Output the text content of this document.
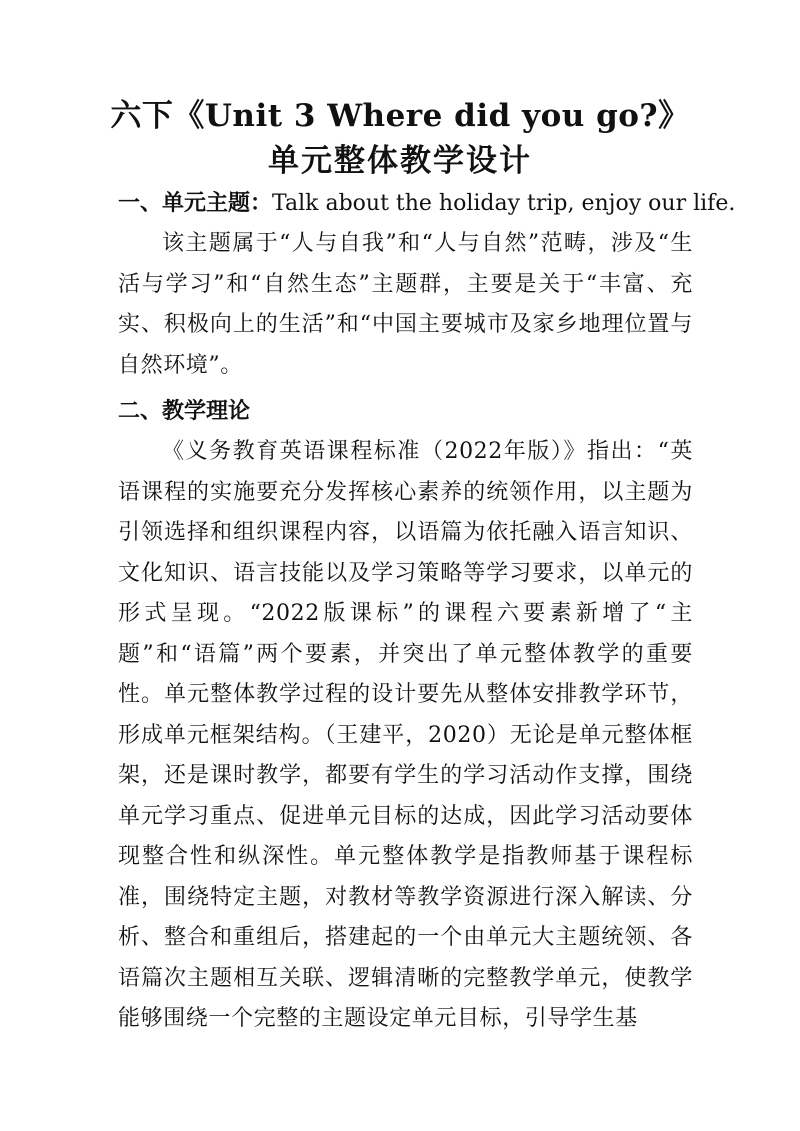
六下《Unit 3 Where did you go?》
单元整体教学设计
一、单元主题：Talk about the holiday trip, enjoy our life.
该主题属于“人与自我”和“人与自然”范畴，涉及“生活与学习”和“自然生态”主题群，主要是关于“丰富、充实、积极向上的生活”和“中国主要城市及家乡地理位置与自然环境”。
二、教学理论
《义务教育英语课程标准（2022年版）》指出：“英语课程的实施要充分发挥核心素养的统领作用，以主题为引领选择和组织课程内容，以语篇为依托融入语言知识、文化知识、语言技能以及学习策略等学习要求，以单元的形式呈现。“2022版课标”的课程六要素新增了“主题”和“语篇”两个要素，并突出了单元整体教学的重要性。单元整体教学过程的设计要先从整体安排教学环节，形成单元框架结构。（王建平，2020）无论是单元整体框架，还是课时教学，都要有学生的学习活动作支撑，围绕单元学习重点、促进单元目标的达成，因此学习活动要体现整合性和纵深性。单元整体教学是指教师基于课程标准，围绕特定主题，对教材等教学资源进行深入解读、分析、整合和重组后，搭建起的一个由单元大主题统领、各语篇次主题相互关联、逻辑清晰的完整教学单元，使教学能够围绕一个完整的主题设定单元目标，引导学生基
